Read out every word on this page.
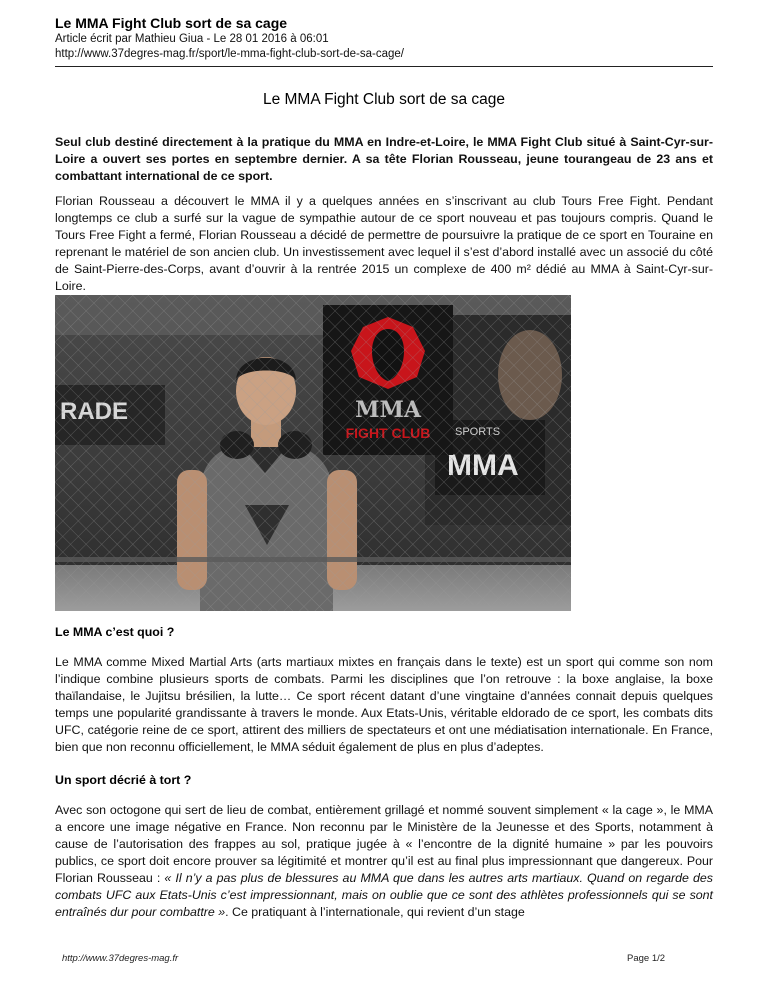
Le MMA Fight Club sort de sa cage
Article écrit par Mathieu Giua - Le 28 01 2016 à 06:01
http://www.37degres-mag.fr/sport/le-mma-fight-club-sort-de-sa-cage/
Le MMA Fight Club sort de sa cage

Seul club destiné directement à la pratique du MMA en Indre-et-Loire, le MMA Fight Club situé à Saint-Cyr-sur-Loire a ouvert ses portes en septembre dernier. A sa tête Florian Rousseau, jeune tourangeau de 23 ans et combattant international de ce sport.

Florian Rousseau a découvert le MMA il y a quelques années en s’inscrivant au club Tours Free Fight. Pendant longtemps ce club a surfé sur la vague de sympathie autour de ce sport nouveau et pas toujours compris. Quand le Tours Free Fight a fermé, Florian Rousseau a décidé de permettre de poursuivre la pratique de ce sport en Touraine en reprenant le matériel de son ancien club. Un investissement avec lequel il s’est d’abord installé avec un associé du côté de Saint-Pierre-des-Corps, avant d’ouvrir à la rentrée 2015 un complexe de 400 m² dédié au MMA à Saint-Cyr-sur-Loire.

Le MMA c’est quoi ?

Le MMA comme Mixed Martial Arts (arts martiaux mixtes en français dans le texte) est un sport qui comme son nom l’indique combine plusieurs sports de combats. Parmi les disciplines que l’on retrouve : la boxe anglaise, la boxe thaïlandaise, le Jujitsu brésilien, la lutte… Ce sport récent datant d’une vingtaine d’années connait depuis quelques temps une popularité grandissante à travers le monde. Aux Etats-Unis, véritable eldorado de ce sport, les combats dits UFC, catégorie reine de ce sport, attirent des milliers de spectateurs et ont une médiatisation internationale. En France, bien que non reconnu officiellement, le MMA séduit également de plus en plus d’adeptes.

Un sport décrié à tort ?

Avec son octogone qui sert de lieu de combat, entièrement grillagé et nommé souvent simplement « la cage », le MMA a encore une image négative en France. Non reconnu par le Ministère de la Jeunesse et des Sports, notamment à cause de l’autorisation des frappes au sol, pratique jugée à « l’encontre de la dignité humaine » par les pouvoirs publics, ce sport doit encore prouver sa légitimité et montrer qu’il est au final plus impressionnant que dangereux. Pour Florian Rousseau : « Il n’y a pas plus de blessures au MMA que dans les autres arts martiaux. Quand on regarde des combats UFC aux Etats-Unis c’est impressionnant, mais on oublie que ce sont des athlètes professionnels qui se sont entraînés dur pour combattre ». Ce pratiquant à l’internationale, qui revient d’un stage

http://www.37degres-mag.fr	Page 1/2
